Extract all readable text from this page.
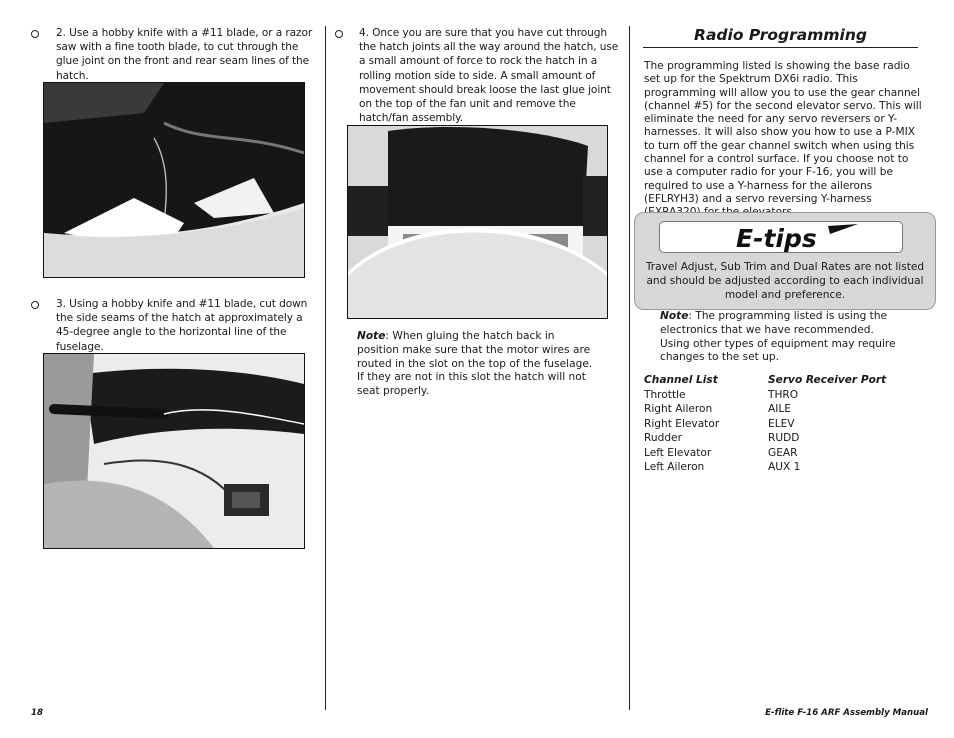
2. Use a hobby knife with a #11 blade, or a razor saw with a fine tooth blade, to cut through the glue joint on the front and rear seam lines of the hatch.
3. Using a hobby knife and #11 blade, cut down the side seams of the hatch at approximately a 45-degree angle to the horizontal line of the fuselage.
18
4. Once you are sure that you have cut through the hatch joints all the way around the hatch, use a small amount of force to rock the hatch in a rolling motion side to side. A small amount of movement should break loose the last glue joint on the top of the fan unit and remove the hatch/fan assembly.
Note: When gluing the hatch back in position make sure that the motor wires are routed in the slot on the top of the fuselage. If they are not in this slot the hatch will not seat properly.
Radio Programming
The programming listed is showing the base radio set up for the Spektrum DX6i radio. This programming will allow you to use the gear channel (channel #5) for the second elevator servo. This will eliminate the need for any servo reversers or Y-harnesses. It will also show you how to use a P-MIX to turn off the gear channel switch when using this channel for a control surface. If you choose not to use a computer radio for your F-16, you will be required to use a Y-harness for the ailerons (EFLRYH3) and a servo reversing Y-harness
E-tips
Travel Adjust, Sub Trim and Dual Rates are not listed and should be adjusted according to each individual model and preference.
Note: The programming listed is using the electronics that we have recommended. Using other types of equipment may require changes to the set up.
Channel List	Servo Receiver Port
Throttle	THRO
Right Aileron	AILE
Right Elevator	ELEV
Rudder	RUDD
Left Elevator	GEAR
Left Aileron	AUX 1
E-flite F-16 ARF Assembly Manual
